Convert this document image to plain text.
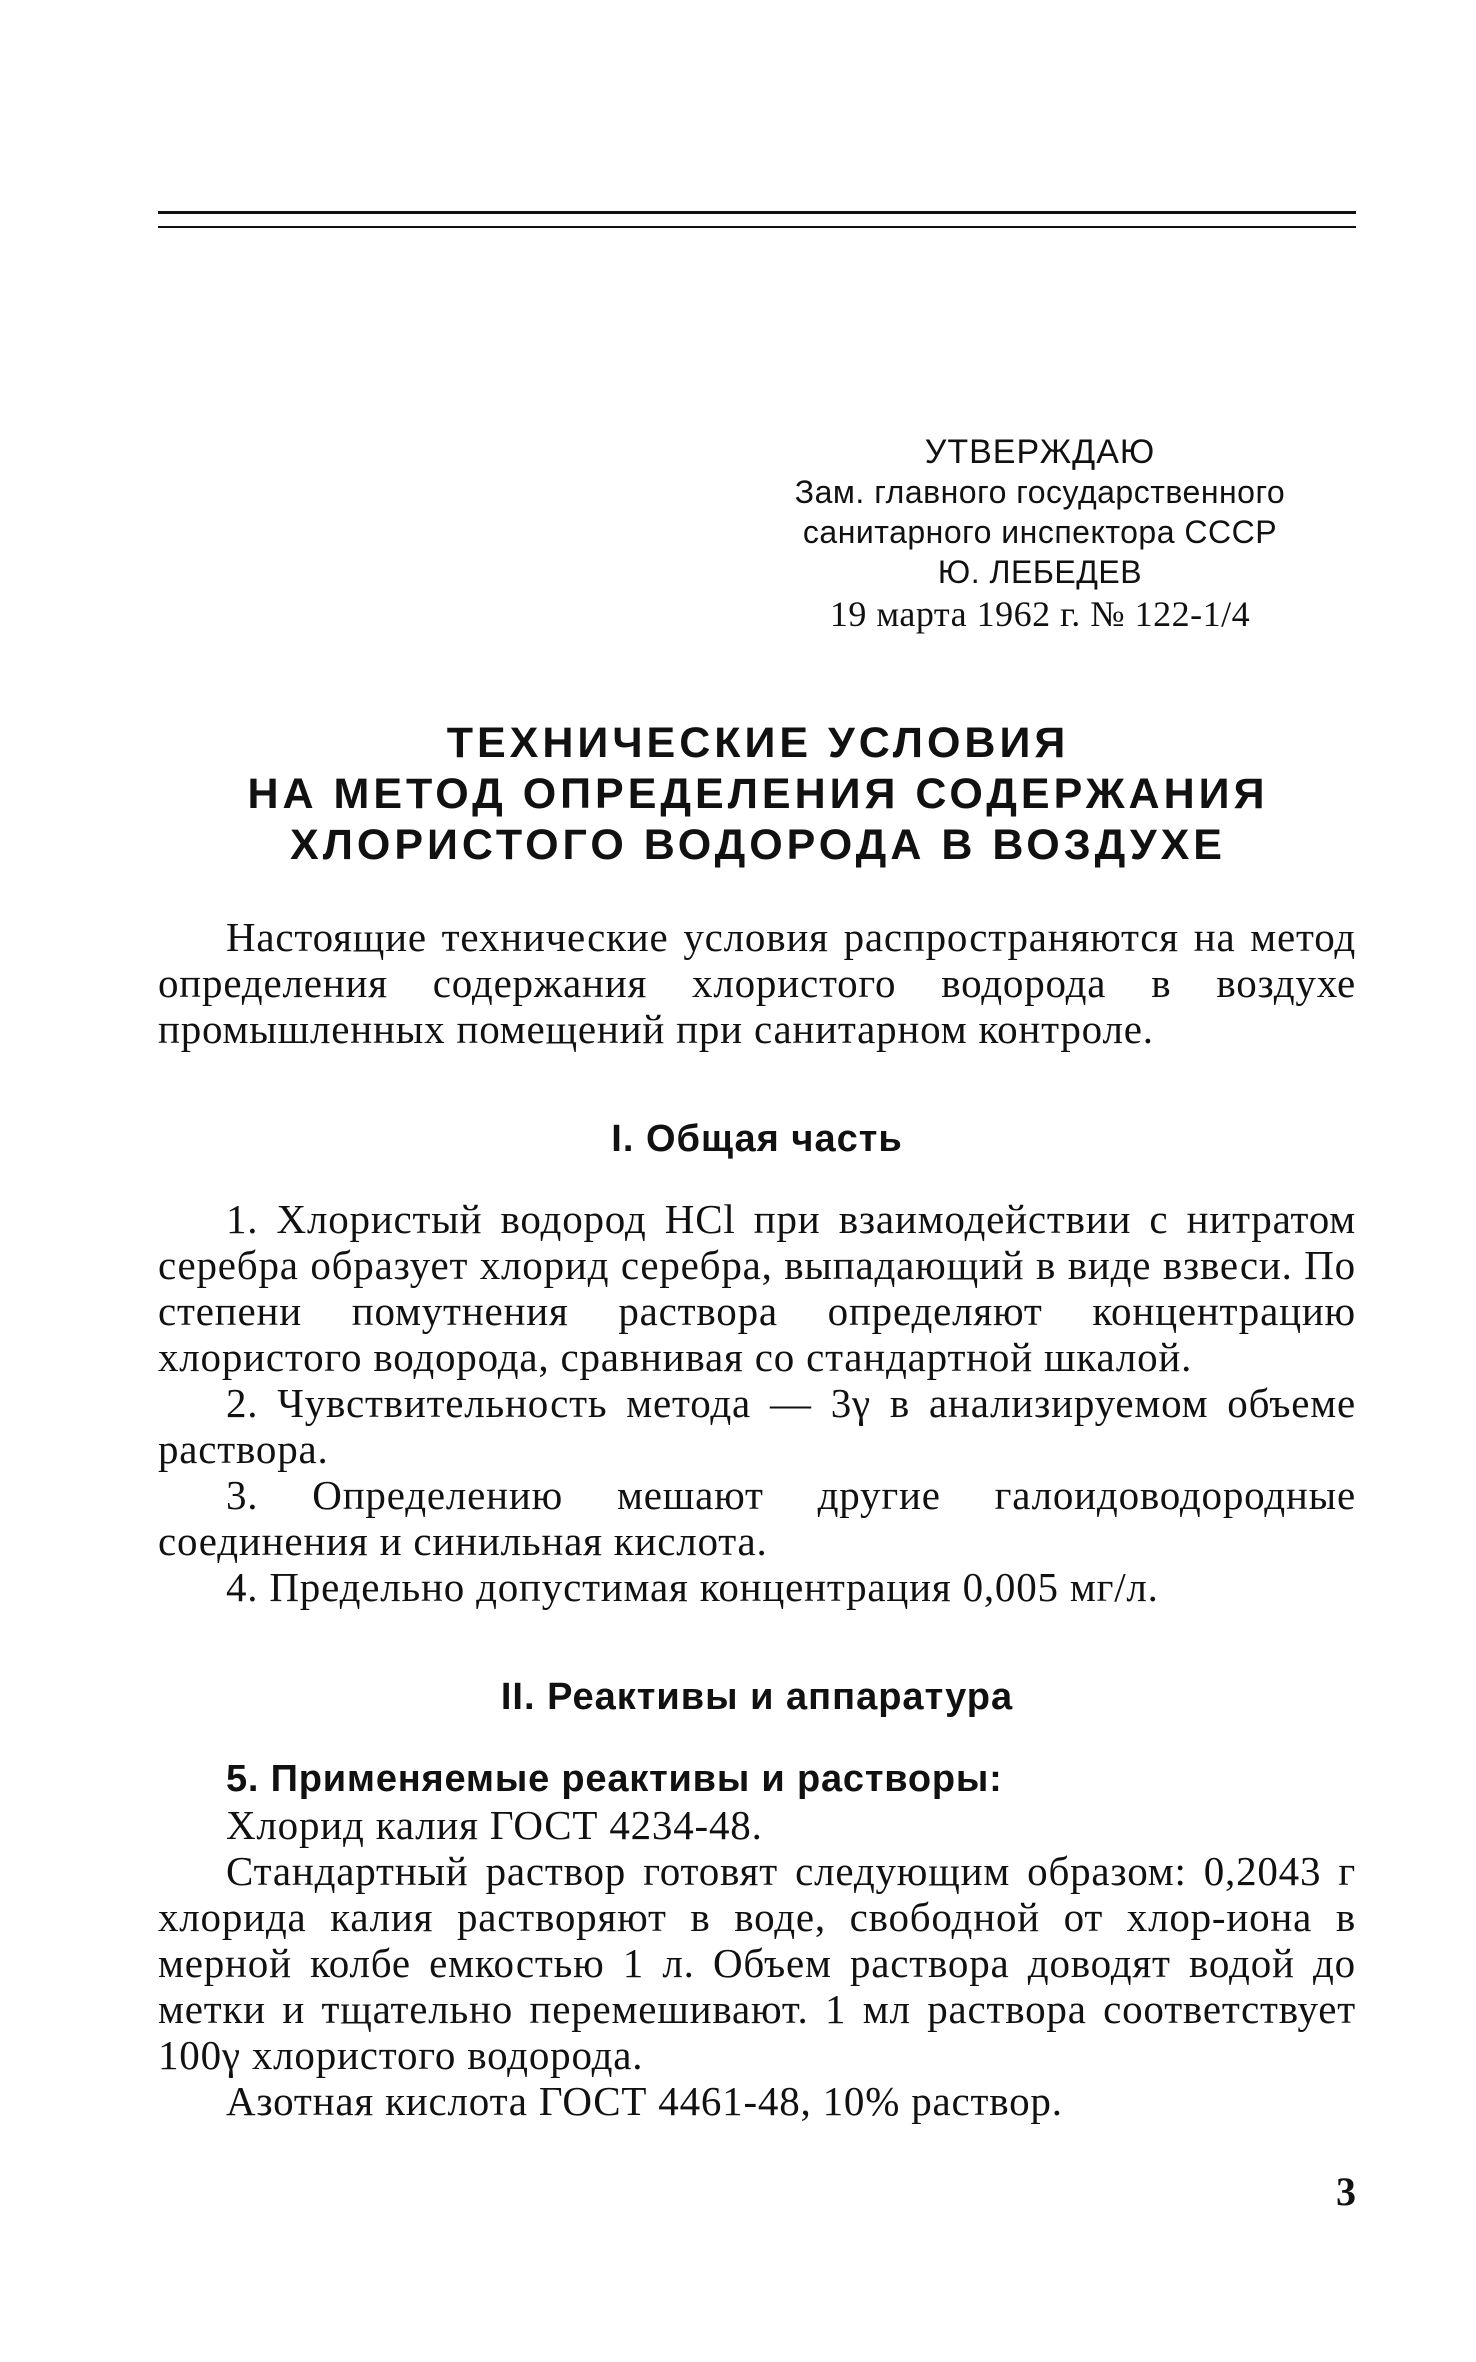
УТВЕРЖДАЮ
Зам. главного государственного
санитарного инспектора СССР
Ю. ЛЕБЕДЕВ
19 марта 1962 г. № 122-1/4
ТЕХНИЧЕСКИЕ УСЛОВИЯ
НА МЕТОД ОПРЕДЕЛЕНИЯ СОДЕРЖАНИЯ
ХЛОРИСТОГО ВОДОРОДА В ВОЗДУХЕ

Настоящие технические условия распространяются на метод определения содержания хлористого водорода в воздухе промышленных помещений при санитарном контроле.

I. Общая часть

1. Хлористый водород HCl при взаимодействии с нитратом серебра образует хлорид серебра, выпадающий в виде взвеси. По степени помутнения раствора определяют концентрацию хлористого водорода, сравнивая со стандартной шкалой.

2. Чувствительность метода — 3γ в анализируемом объеме раствора.

3. Определению мешают другие галоидоводородные соединения и синильная кислота.

4. Предельно допустимая концентрация 0,005 мг/л.

II. Реактивы и аппаратура

5. Применяемые реактивы и растворы:

Хлорид калия ГОСТ 4234-48.

Стандартный раствор готовят следующим образом: 0,2043 г хлорида калия растворяют в воде, свободной от хлор-иона в мерной колбе емкостью 1 л. Объем раствора доводят водой до метки и тщательно перемешивают. 1 мл раствора соответствует 100γ хлористого водорода.

Азотная кислота ГОСТ 4461-48, 10% раствор.

3
